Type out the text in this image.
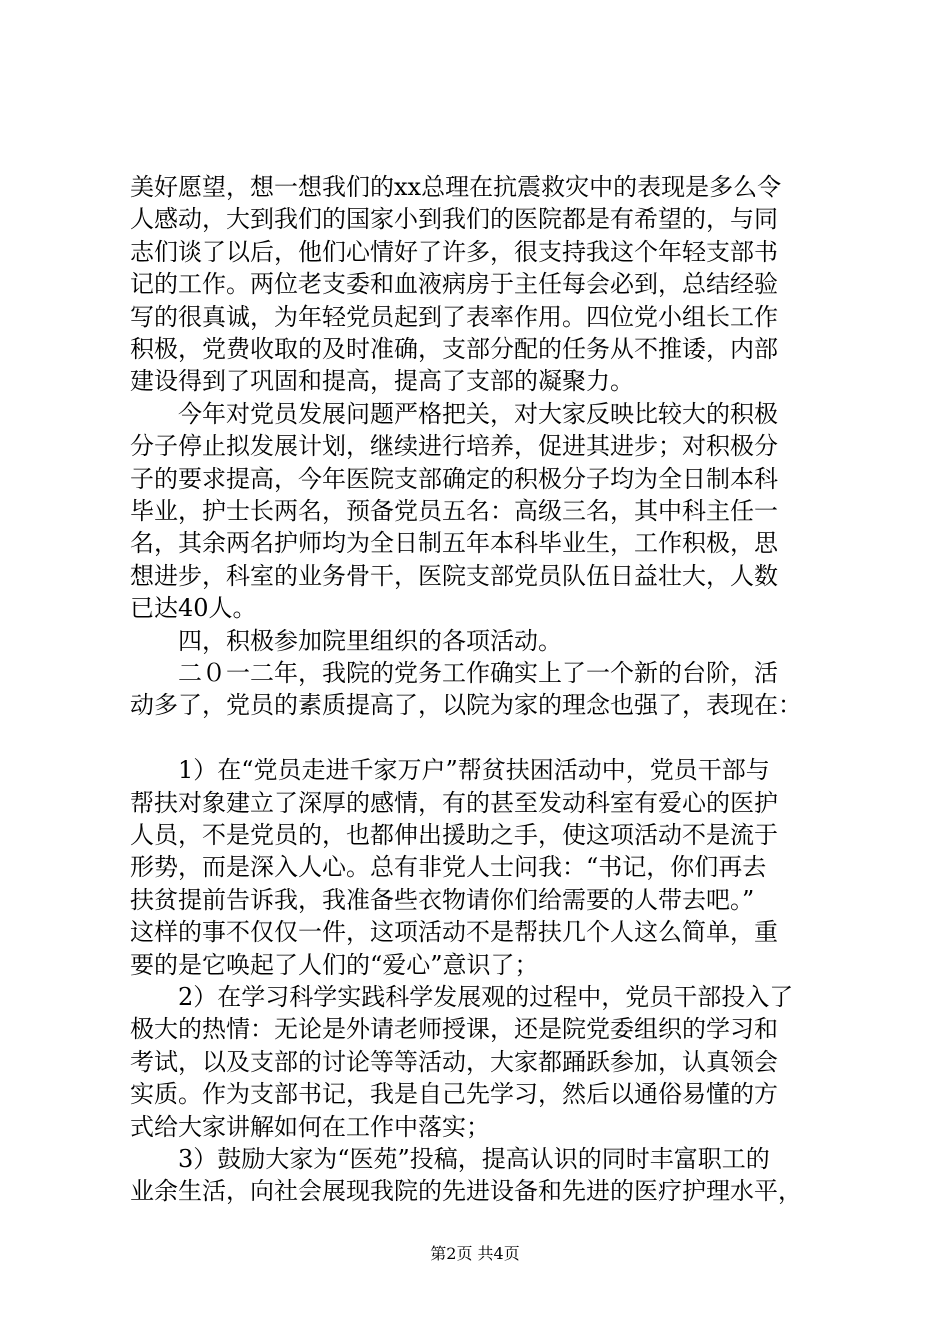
美好愿望，想一想我们的xx总理在抗震救灾中的表现是多么令
人感动，大到我们的国家小到我们的医院都是有希望的，与同
志们谈了以后，他们心情好了许多，很支持我这个年轻支部书
记的工作。两位老支委和血液病房于主任每会必到，总结经验
写的很真诚，为年轻党员起到了表率作用。四位党小组长工作
积极，党费收取的及时准确，支部分配的任务从不推诿，内部
建设得到了巩固和提高，提高了支部的凝聚力。
　　今年对党员发展问题严格把关，对大家反映比较大的积极
分子停止拟发展计划，继续进行培养，促进其进步；对积极分
子的要求提高，今年医院支部确定的积极分子均为全日制本科
毕业，护士长两名，预备党员五名：高级三名，其中科主任一
名，其余两名护师均为全日制五年本科毕业生，工作积极，思
想进步，科室的业务骨干，医院支部党员队伍日益壮大，人数
已达40人。
　　四，积极参加院里组织的各项活动。
　　二０一二年，我院的党务工作确实上了一个新的台阶，活
动多了，党员的素质提高了，以院为家的理念也强了，表现在：
　　1）在“党员走进千家万户”帮贫扶困活动中，党员干部与
帮扶对象建立了深厚的感情，有的甚至发动科室有爱心的医护
人员，不是党员的，也都伸出援助之手，使这项活动不是流于
形势，而是深入人心。总有非党人士问我：“书记，你们再去
扶贫提前告诉我，我准备些衣物请你们给需要的人带去吧。”
这样的事不仅仅一件，这项活动不是帮扶几个人这么简单，重
要的是它唤起了人们的“爱心”意识了；
　　2）在学习科学实践科学发展观的过程中，党员干部投入了
极大的热情：无论是外请老师授课，还是院党委组织的学习和
考试，以及支部的讨论等等活动，大家都踊跃参加，认真领会
实质。作为支部书记，我是自己先学习，然后以通俗易懂的方
式给大家讲解如何在工作中落实；
　　3）鼓励大家为“医苑”投稿，提高认识的同时丰富职工的
业余生活，向社会展现我院的先进设备和先进的医疗护理水平，
第2页 共4页
